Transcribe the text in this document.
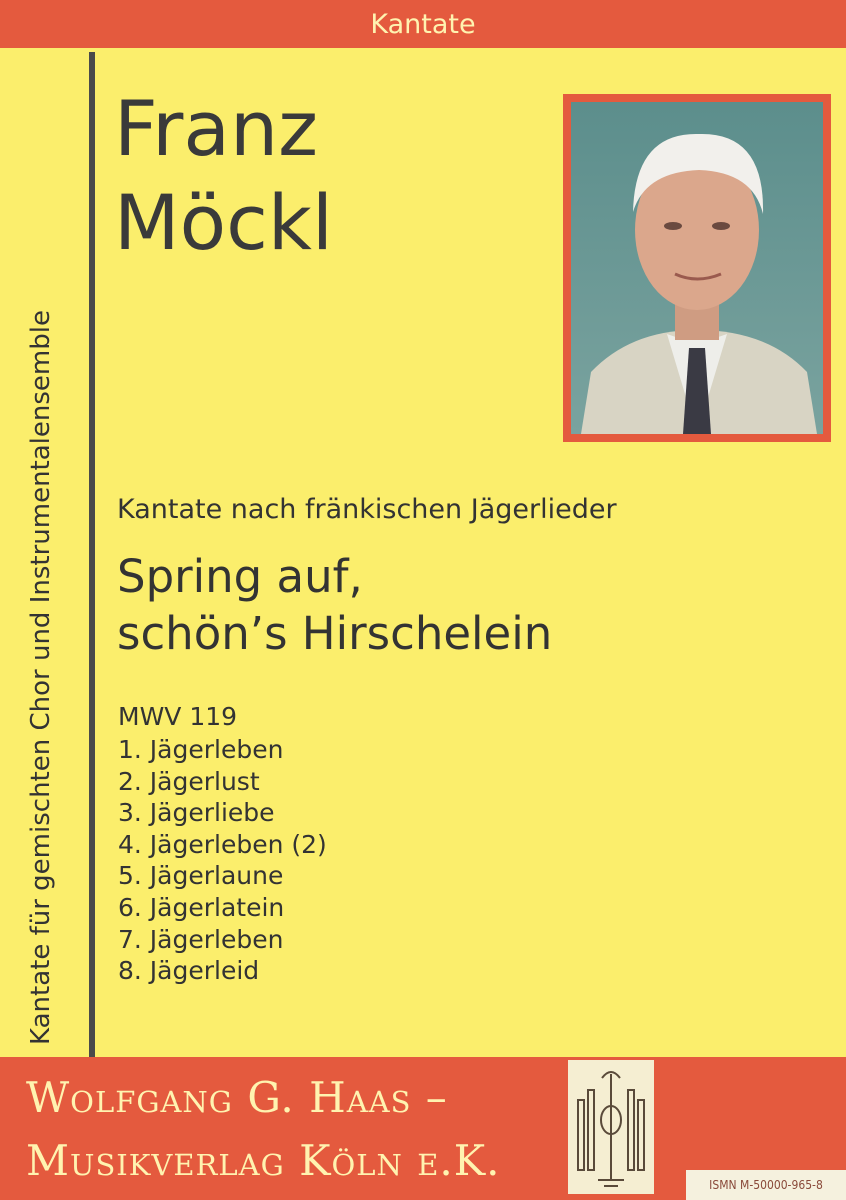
Kantate
Kantate für gemischten Chor und Instrumentalensemble
Franz
Möckl
Kantate nach fränkischen Jägerlieder
Spring auf,
schön’s Hirschelein
MWV 119
1. Jägerleben
2. Jägerlust
3. Jägerliebe
4. Jägerleben (2)
5. Jägerlaune
6. Jägerlatein
7. Jägerleben
8. Jägerleid
Wolfgang G. Haas –
Musikverlag Köln e.K.	ISMN M-50000-965-8
